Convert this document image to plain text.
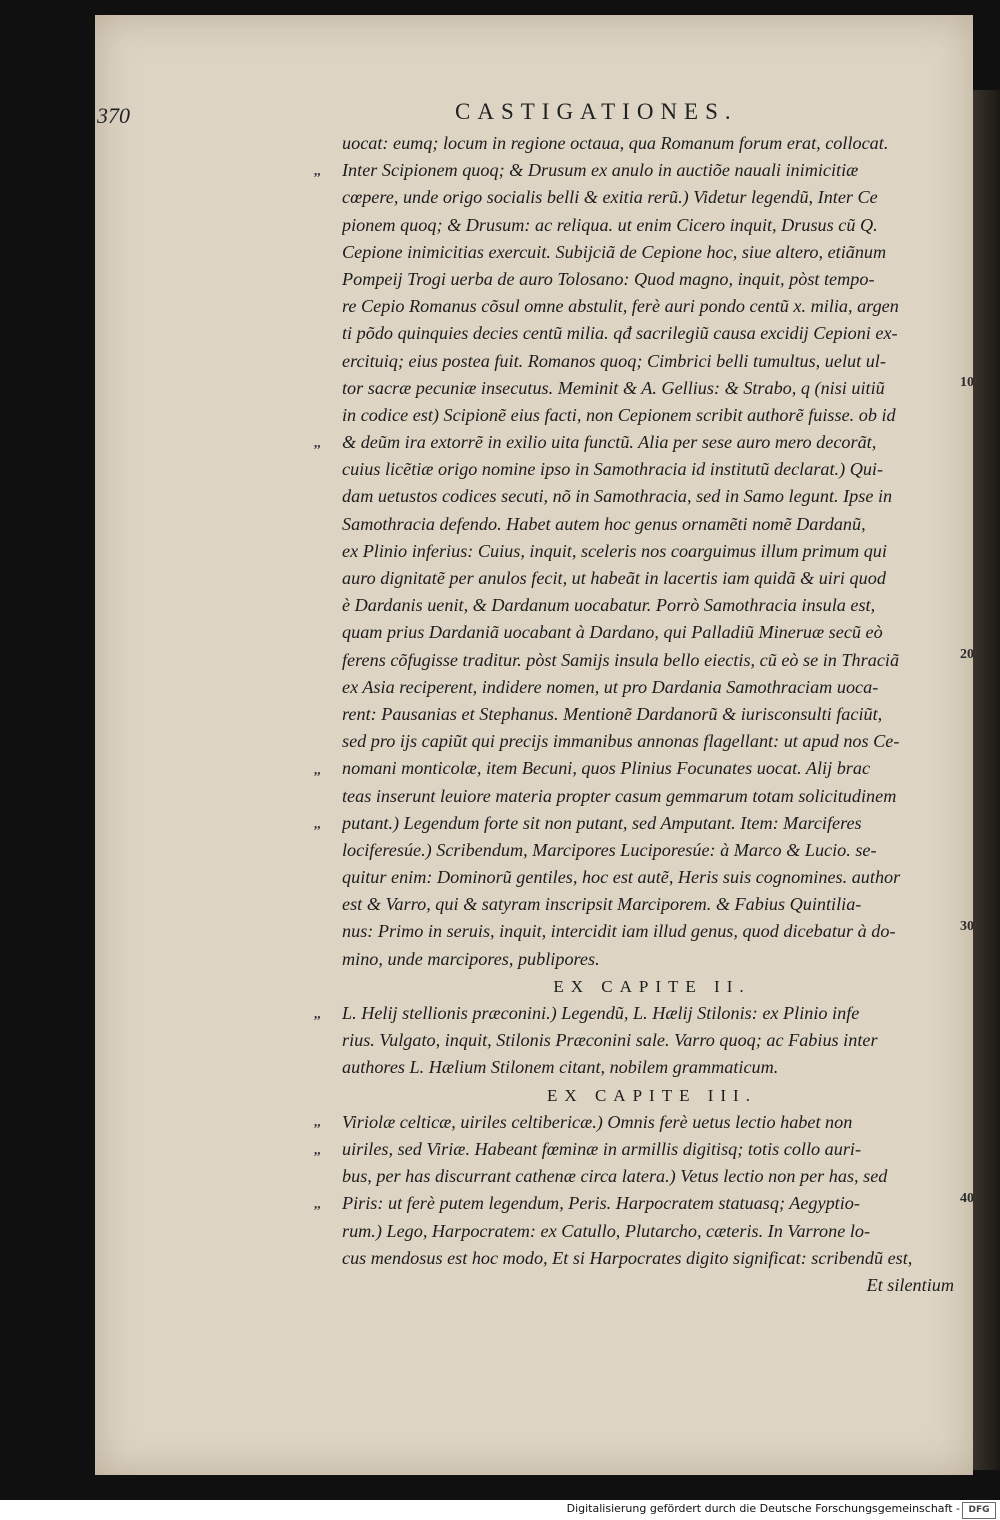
370	CASTIGATIONES.
,,
,,
,,
,,
,,
,,
,,
,,
10
20
30
40
uocat: eumq; locum in regione octaua, qua Romanum forum erat, collocat.
Inter Scipionem quoq; & Drusum ex anulo in auctiõe nauali inimicitiæ
cœpere, unde origo socialis belli & exitia rerũ.) Videtur legendũ, Inter Ce
pionem quoq; & Drusum: ac reliqua. ut enim Cicero inquit, Drusus cũ Q.
Cepione inimicitias exercuit. Subijciã de Cepione hoc, siue altero, etiãnum
Pompeij Trogi uerba de auro Tolosano: Quod magno, inquit, pòst tempo-
re Cepio Romanus cõsul omne abstulit, ferè auri pondo centũ x. milia, argen
ti põdo quinquies decies centũ milia. qđ sacrilegiũ causa excidij Cepioni ex-
ercituiq; eius postea fuit. Romanos quoq; Cimbrici belli tumultus, uelut ul-
tor sacræ pecuniæ insecutus. Meminit & A. Gellius: & Strabo, q (nisi uitiũ
in codice est) Scipionẽ eius facti, non Cepionem scribit authorẽ fuisse. ob id
& deũm ira extorrẽ in exilio uita functũ. Alia per sese auro mero decorãt,
cuius licẽtiæ origo nomine ipso in Samothracia id institutũ declarat.) Qui-
dam uetustos codices secuti, nõ in Samothracia, sed in Samo legunt. Ipse in
Samothracia defendo. Habet autem hoc genus ornamẽti nomẽ Dardanũ,
ex Plinio inferius: Cuius, inquit, sceleris nos coarguimus illum primum qui
auro dignitatẽ per anulos fecit, ut habeãt in lacertis iam quidã & uiri quod
è Dardanis uenit, & Dardanum uocabatur. Porrò Samothracia insula est,
quam prius Dardaniã uocabant à Dardano, qui Palladiũ Mineruæ secũ eò
ferens cõfugisse traditur. pòst Samijs insula bello eiectis, cũ eò se in Thraciã
ex Asia reciperent, indidere nomen, ut pro Dardania Samothraciam uoca-
rent: Pausanias et Stephanus. Mentionẽ Dardanorũ & iurisconsulti faciũt,
sed pro ijs capiũt qui precijs immanibus annonas flagellant: ut apud nos Ce-
nomani monticolæ, item Becuni, quos Plinius Focunates uocat. Alij brac
teas inserunt leuiore materia propter casum gemmarum totam solicitudinem
putant.) Legendum forte sit non putant, sed Amputant. Item: Marciferes
lociferesúe.) Scribendum, Marcipores Luciporesúe: à Marco & Lucio. se-
quitur enim: Dominorũ gentiles, hoc est autẽ, Heris suis cognomines. author
est & Varro, qui & satyram inscripsit Marciporem. & Fabius Quintilia-
nus: Primo in seruis, inquit, intercidit iam illud genus, quod dicebatur à do-
mino, unde marcipores, publipores.
EX CAPITE II.
L. Helij stellionis præconini.) Legendũ, L. Hælij Stilonis: ex Plinio infe
rius. Vulgato, inquit, Stilonis Præconini sale. Varro quoq; ac Fabius inter
authores L. Hælium Stilonem citant, nobilem grammaticum.
EX CAPITE III.
Viriolæ celticæ, uiriles celtibericæ.) Omnis ferè uetus lectio habet non
uiriles, sed Viriæ. Habeant fœminæ in armillis digitisq; totis collo auri-
bus, per has discurrant cathenæ circa latera.) Vetus lectio non per has, sed
Piris: ut ferè putem legendum, Peris. Harpocratem statuasq; Aegyptio-
rum.) Lego, Harpocratem: ex Catullo, Plutarcho, cæteris. In Varrone lo-
cus mendosus est hoc modo, Et si Harpocrates digito significat: scribendũ est,
Et silentium
Digitalisierung gefördert durch die Deutsche Forschungsgemeinschaft - DFG
